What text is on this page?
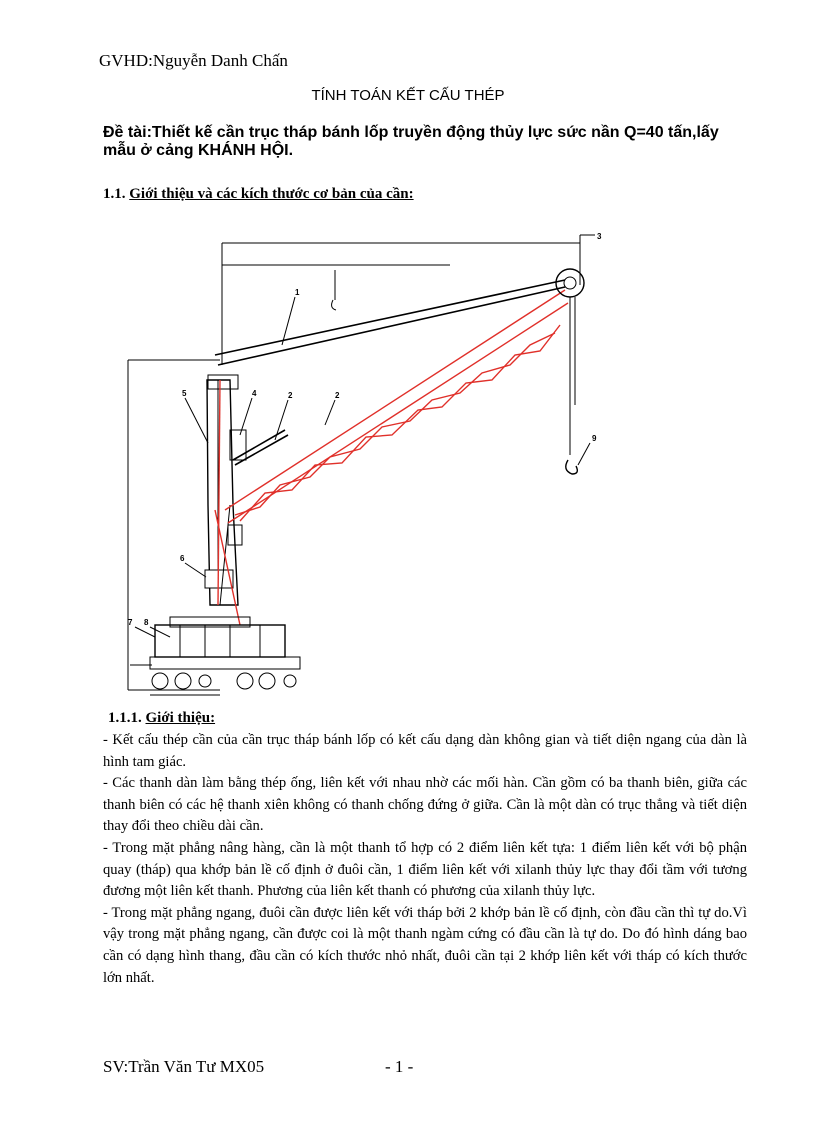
GVHD:Nguyễn Danh Chấn
TÍNH TOÁN KẾT CẤU THÉP
Đề tài:Thiết kế cần trục tháp bánh lốp truyền động thủy lực sức nần Q=40 tấn,lấy mẫu ở cảng KHÁNH HỘI.
1.1. Giới thiệu và các kích thước cơ bản của cần:
1
2	2
3
4
5
6
7 8
9
1.1.1. Giới thiệu:

- Kết cấu thép cần của cần trục tháp bánh lốp có kết cấu dạng dàn không gian và tiết diện ngang của dàn là hình tam giác.

- Các thanh dàn làm bằng thép ống, liên kết với nhau nhờ các mối hàn. Cần gồm có ba thanh biên, giữa các thanh biên có các hệ thanh xiên không có thanh chống đứng ở giữa. Cần là một dàn có trục thẳng và tiết diện thay đổi theo chiều dài cần.

- Trong mặt phẳng nâng hàng, cần là một thanh tổ hợp có 2 điểm liên kết tựa: 1 điểm liên kết với bộ phận quay (tháp) qua khớp bản lề cố định ở đuôi cần, 1 điểm liên kết với xilanh thủy lực thay đổi tầm với tương đương một liên kết thanh. Phương của liên kết thanh có phương của xilanh thủy lực.

- Trong mặt phẳng ngang, đuôi cần được liên kết với tháp bởi 2 khớp bản lề cố định, còn đầu cần thì tự do.Vì vậy trong mặt phẳng ngang, cần được coi là một thanh ngàm cứng có đầu cần là tự do. Do đó hình dáng bao cần có dạng hình thang, đầu cần có kích thước nhỏ nhất, đuôi cần tại 2 khớp liên kết với tháp có kích thước lớn nhất.

SV:Trần Văn Tư MX05	- 1 -
